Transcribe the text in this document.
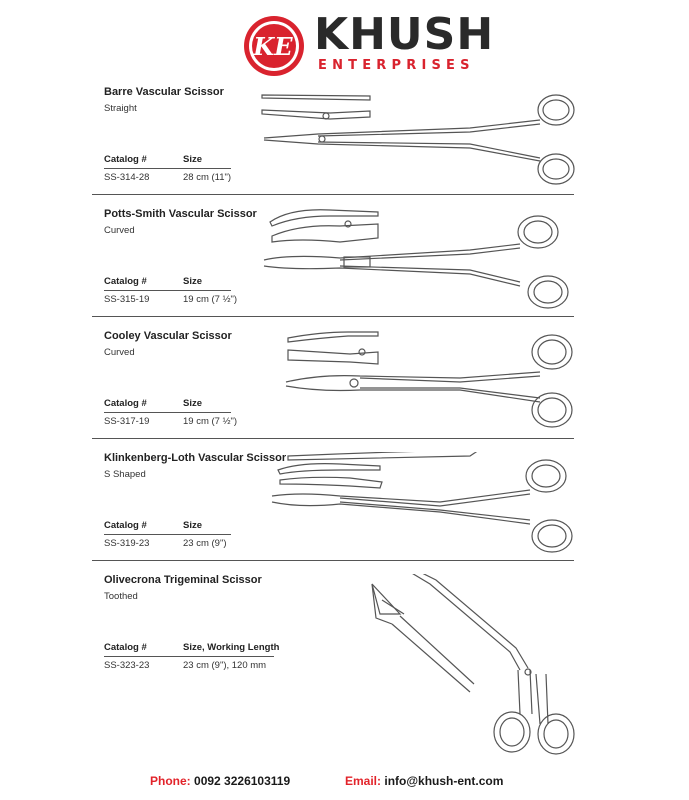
KE KHUSH
ENTERPRISES
Barre Vascular Scissor
Straight
Catalog #	Size
SS-314-28	28 cm (11")
Potts-Smith Vascular Scissor
Curved
Catalog #	Size
SS-315-19	19 cm (7 ½")
Cooley Vascular Scissor
Curved
Catalog #	Size
SS-317-19	19 cm (7 ½")
Klinkenberg-Loth Vascular Scissor
S Shaped
Catalog #	Size
SS-319-23	23 cm (9")
Olivecrona Trigeminal Scissor
Toothed
Catalog #	Size, Working Length
SS-323-23	23 cm (9"), 120 mm
Phone: 0092 3226103119	Email: info@khush-ent.com
